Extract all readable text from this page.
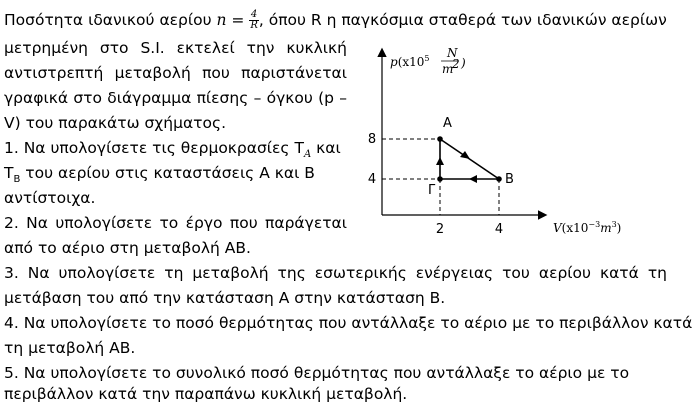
Ποσότητα ιδανικού αερίου $n = \frac{4}{R}$ , όπου R η παγκόσμια σταθερά των ιδανικών αερίων
μετρημένη στο S.I. εκτελεί την κυκλική
αντιστρεπτή μεταβολή που παριστάνεται
γραφικά στο διάγραμμα πίεσης – όγκου (p –
V) του παρακάτω σχήματος.
1. Να υπολογίσετε τις θερμοκρασίες $T_A$ και
$T_B$ του αερίου στις καταστάσεις Α και Β
αντίστοιχα.
2. Να υπολογίσετε το έργο που παράγεται
από το αέριο στη μεταβολή ΑΒ.
3. Να υπολογίσετε τη μεταβολή της εσωτερικής ενέργειας του αερίου κατά τη
μετάβαση του από την κατάσταση Α στην κατάσταση Β.
4. Να υπολογίσετε το ποσό θερμότητας που αντάλλαξε το αέριο με το περιβάλλον κατά
τη μεταβολή ΑΒ.
5. Να υπολογίσετε το συνολικό ποσό θερμότητας που αντάλλαξε το αέριο με το
περιβάλλον κατά την παραπάνω κυκλική μεταβολή.
$p(x10^5$ N
m
2 )
$V(x10^{-3}m^3)$
8
4
2	4
Α
Β
Γ
